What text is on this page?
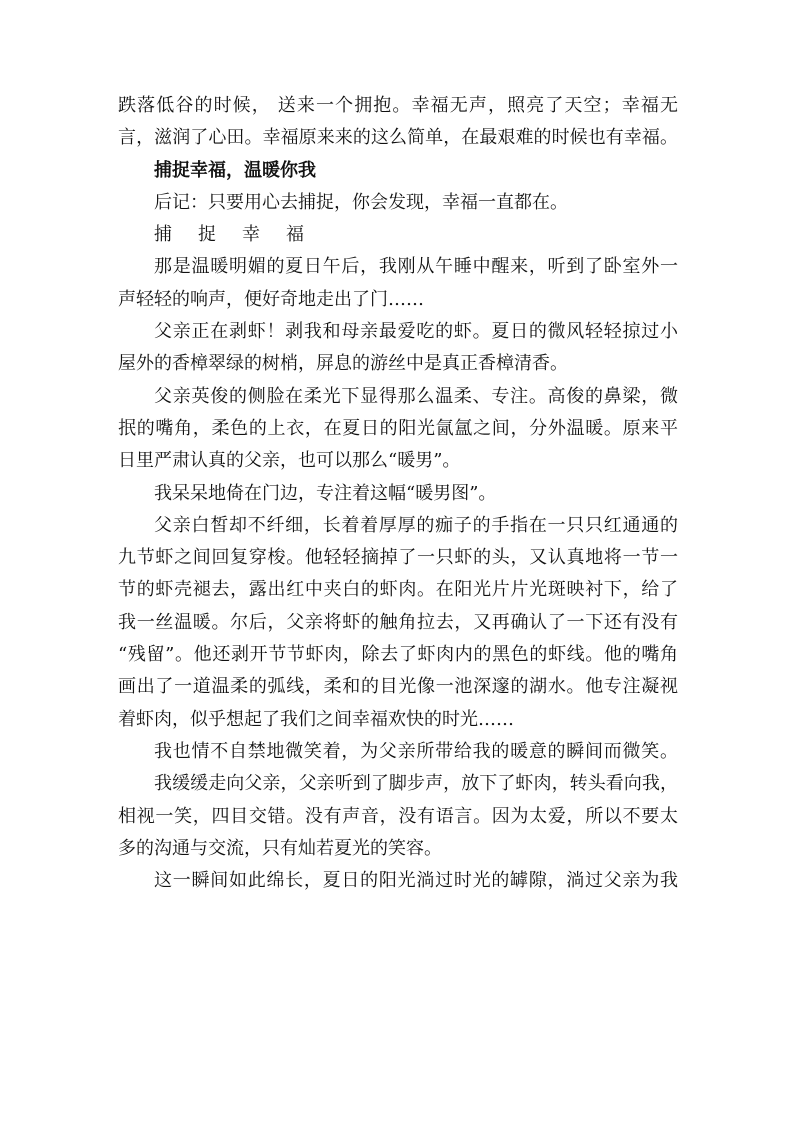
跌落低谷的时候， 送来一个拥抱。幸福无声，照亮了天空；幸福无
言，滋润了心田。幸福原来来的这么简单，在最艰难的时候也有幸福。
捕捉幸福，温暖你我
后记：只要用心去捕捉，你会发现，幸福一直都在。
捕捉幸福
那是温暖明媚的夏日午后，我刚从午睡中醒来，听到了卧室外一
声轻轻的响声，便好奇地走出了门……
父亲正在剥虾！剥我和母亲最爱吃的虾。夏日的微风轻轻掠过小
屋外的香樟翠绿的树梢，屏息的游丝中是真正香樟清香。
父亲英俊的侧脸在柔光下显得那么温柔、专注。高俊的鼻梁，微
抿的嘴角，柔色的上衣，在夏日的阳光氤氲之间，分外温暖。原来平
日里严肃认真的父亲，也可以那么“暖男”。
我呆呆地倚在门边，专注着这幅“暖男图”。
父亲白皙却不纤细，长着着厚厚的痂子的手指在一只只红通通的
九节虾之间回复穿梭。他轻轻摘掉了一只虾的头，又认真地将一节一
节的虾壳褪去，露出红中夹白的虾肉。在阳光片片光斑映衬下，给了
我一丝温暖。尔后，父亲将虾的触角拉去，又再确认了一下还有没有
“残留”。他还剥开节节虾肉，除去了虾肉内的黑色的虾线。他的嘴角
画出了一道温柔的弧线，柔和的目光像一池深邃的湖水。他专注凝视
着虾肉，似乎想起了我们之间幸福欢快的时光……
我也情不自禁地微笑着，为父亲所带给我的暖意的瞬间而微笑。
我缓缓走向父亲，父亲听到了脚步声，放下了虾肉，转头看向我，
相视一笑，四目交错。没有声音，没有语言。因为太爱，所以不要太
多的沟通与交流，只有灿若夏光的笑容。
这一瞬间如此绵长，夏日的阳光淌过时光的罅隙，淌过父亲为我
